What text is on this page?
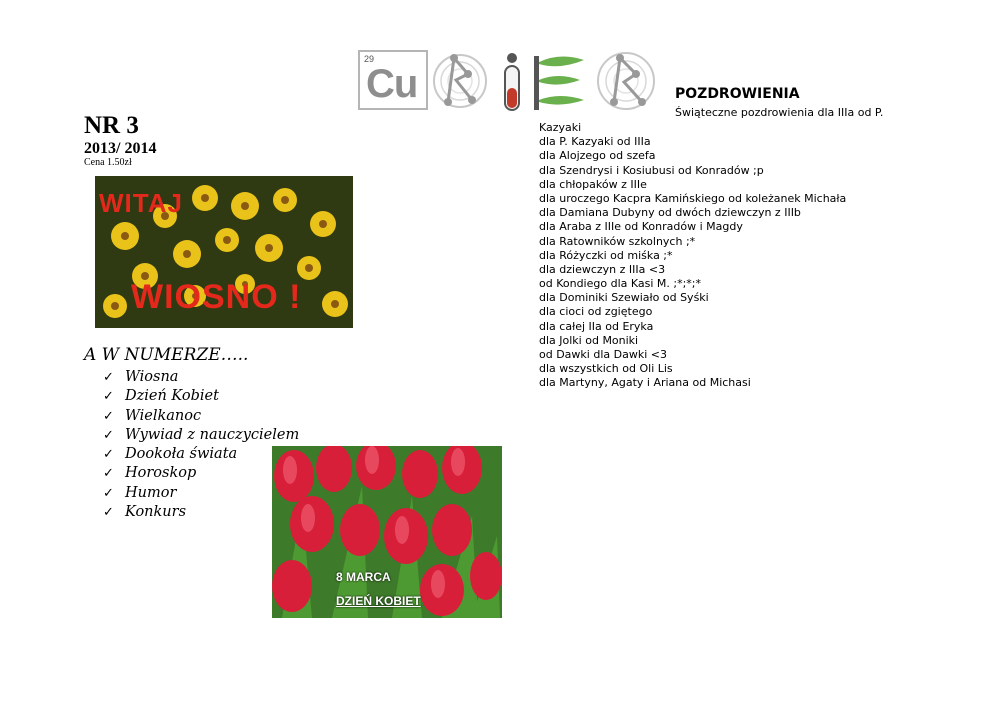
29
Cu
NR 3
2013/ 2014
Cena 1.50zł
WITAJ
WIOSNO !
A W NUMERZE…..
✓ Wiosna
✓ Dzień Kobiet
✓ Wielkanoc
✓ Wywiad z nauczycielem
✓ Dookoła świata
✓ Horoskop
✓ Humor
✓ Konkurs
8 MARCA
DZIEŃ KOBIET
POZDROWIENIA
Świąteczne pozdrowienia dla IIIa od P.
Kazyaki
dla P. Kazyaki od IIIa
dla Alojzego od szefa
dla Szendrysi i Kosiubusi od Konradów ;p
dla chłopaków z IIIe
dla uroczego Kacpra Kamińskiego od koleżanek Michała
dla Damiana Dubyny od dwóch dziewczyn z IIIb
dla Araba z IIIe od Konradów i Magdy
dla Ratowników szkolnych ;*
dla Różyczki od miśka ;*
dla dziewczyn z IIIa <3
od Kondiego dla Kasi M. ;*;*;*
dla Dominiki Szewiało od Syśki
dla cioci od zgiętego
dla całej IIa od Eryka
dla Jolki od Moniki
od Dawki dla Dawki <3
dla wszystkich od Oli Lis
dla Martyny, Agaty i Ariana od Michasi
